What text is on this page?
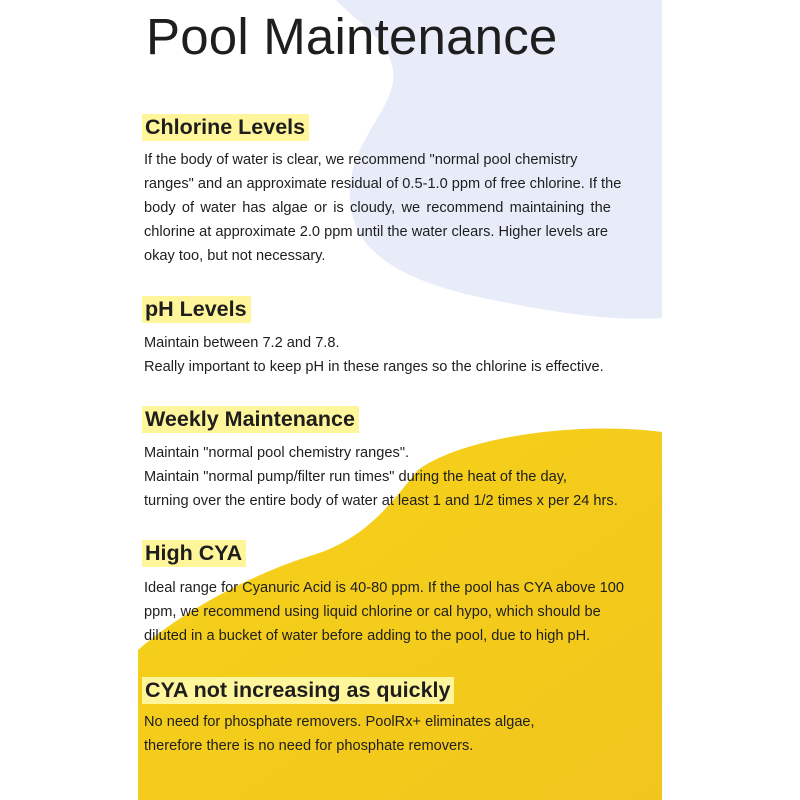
Pool Maintenance
Chlorine Levels
If the body of water is clear, we recommend "normal pool chemistry
ranges" and an approximate residual of 0.5-1.0 ppm of free chlorine. If the
body of water has algae or is cloudy, we recommend maintaining the
chlorine at approximate 2.0 ppm until the water clears. Higher levels are
okay too, but not necessary.
pH Levels
Maintain between 7.2 and 7.8.
Really important to keep pH in these ranges so the chlorine is effective.
Weekly Maintenance
Maintain "normal pool chemistry ranges".
Maintain "normal pump/filter run times" during the heat of the day,
turning over the entire body of water at least 1 and 1/2 times x per 24 hrs.
High CYA
Ideal range for Cyanuric Acid is 40-80 ppm. If the pool has CYA above 100
ppm, we recommend using liquid chlorine or cal hypo, which should be
diluted in a bucket of water before adding to the pool, due to high pH.
CYA not increasing as quickly
No need for phosphate removers. PoolRx+ eliminates algae,
therefore there is no need for phosphate removers.
